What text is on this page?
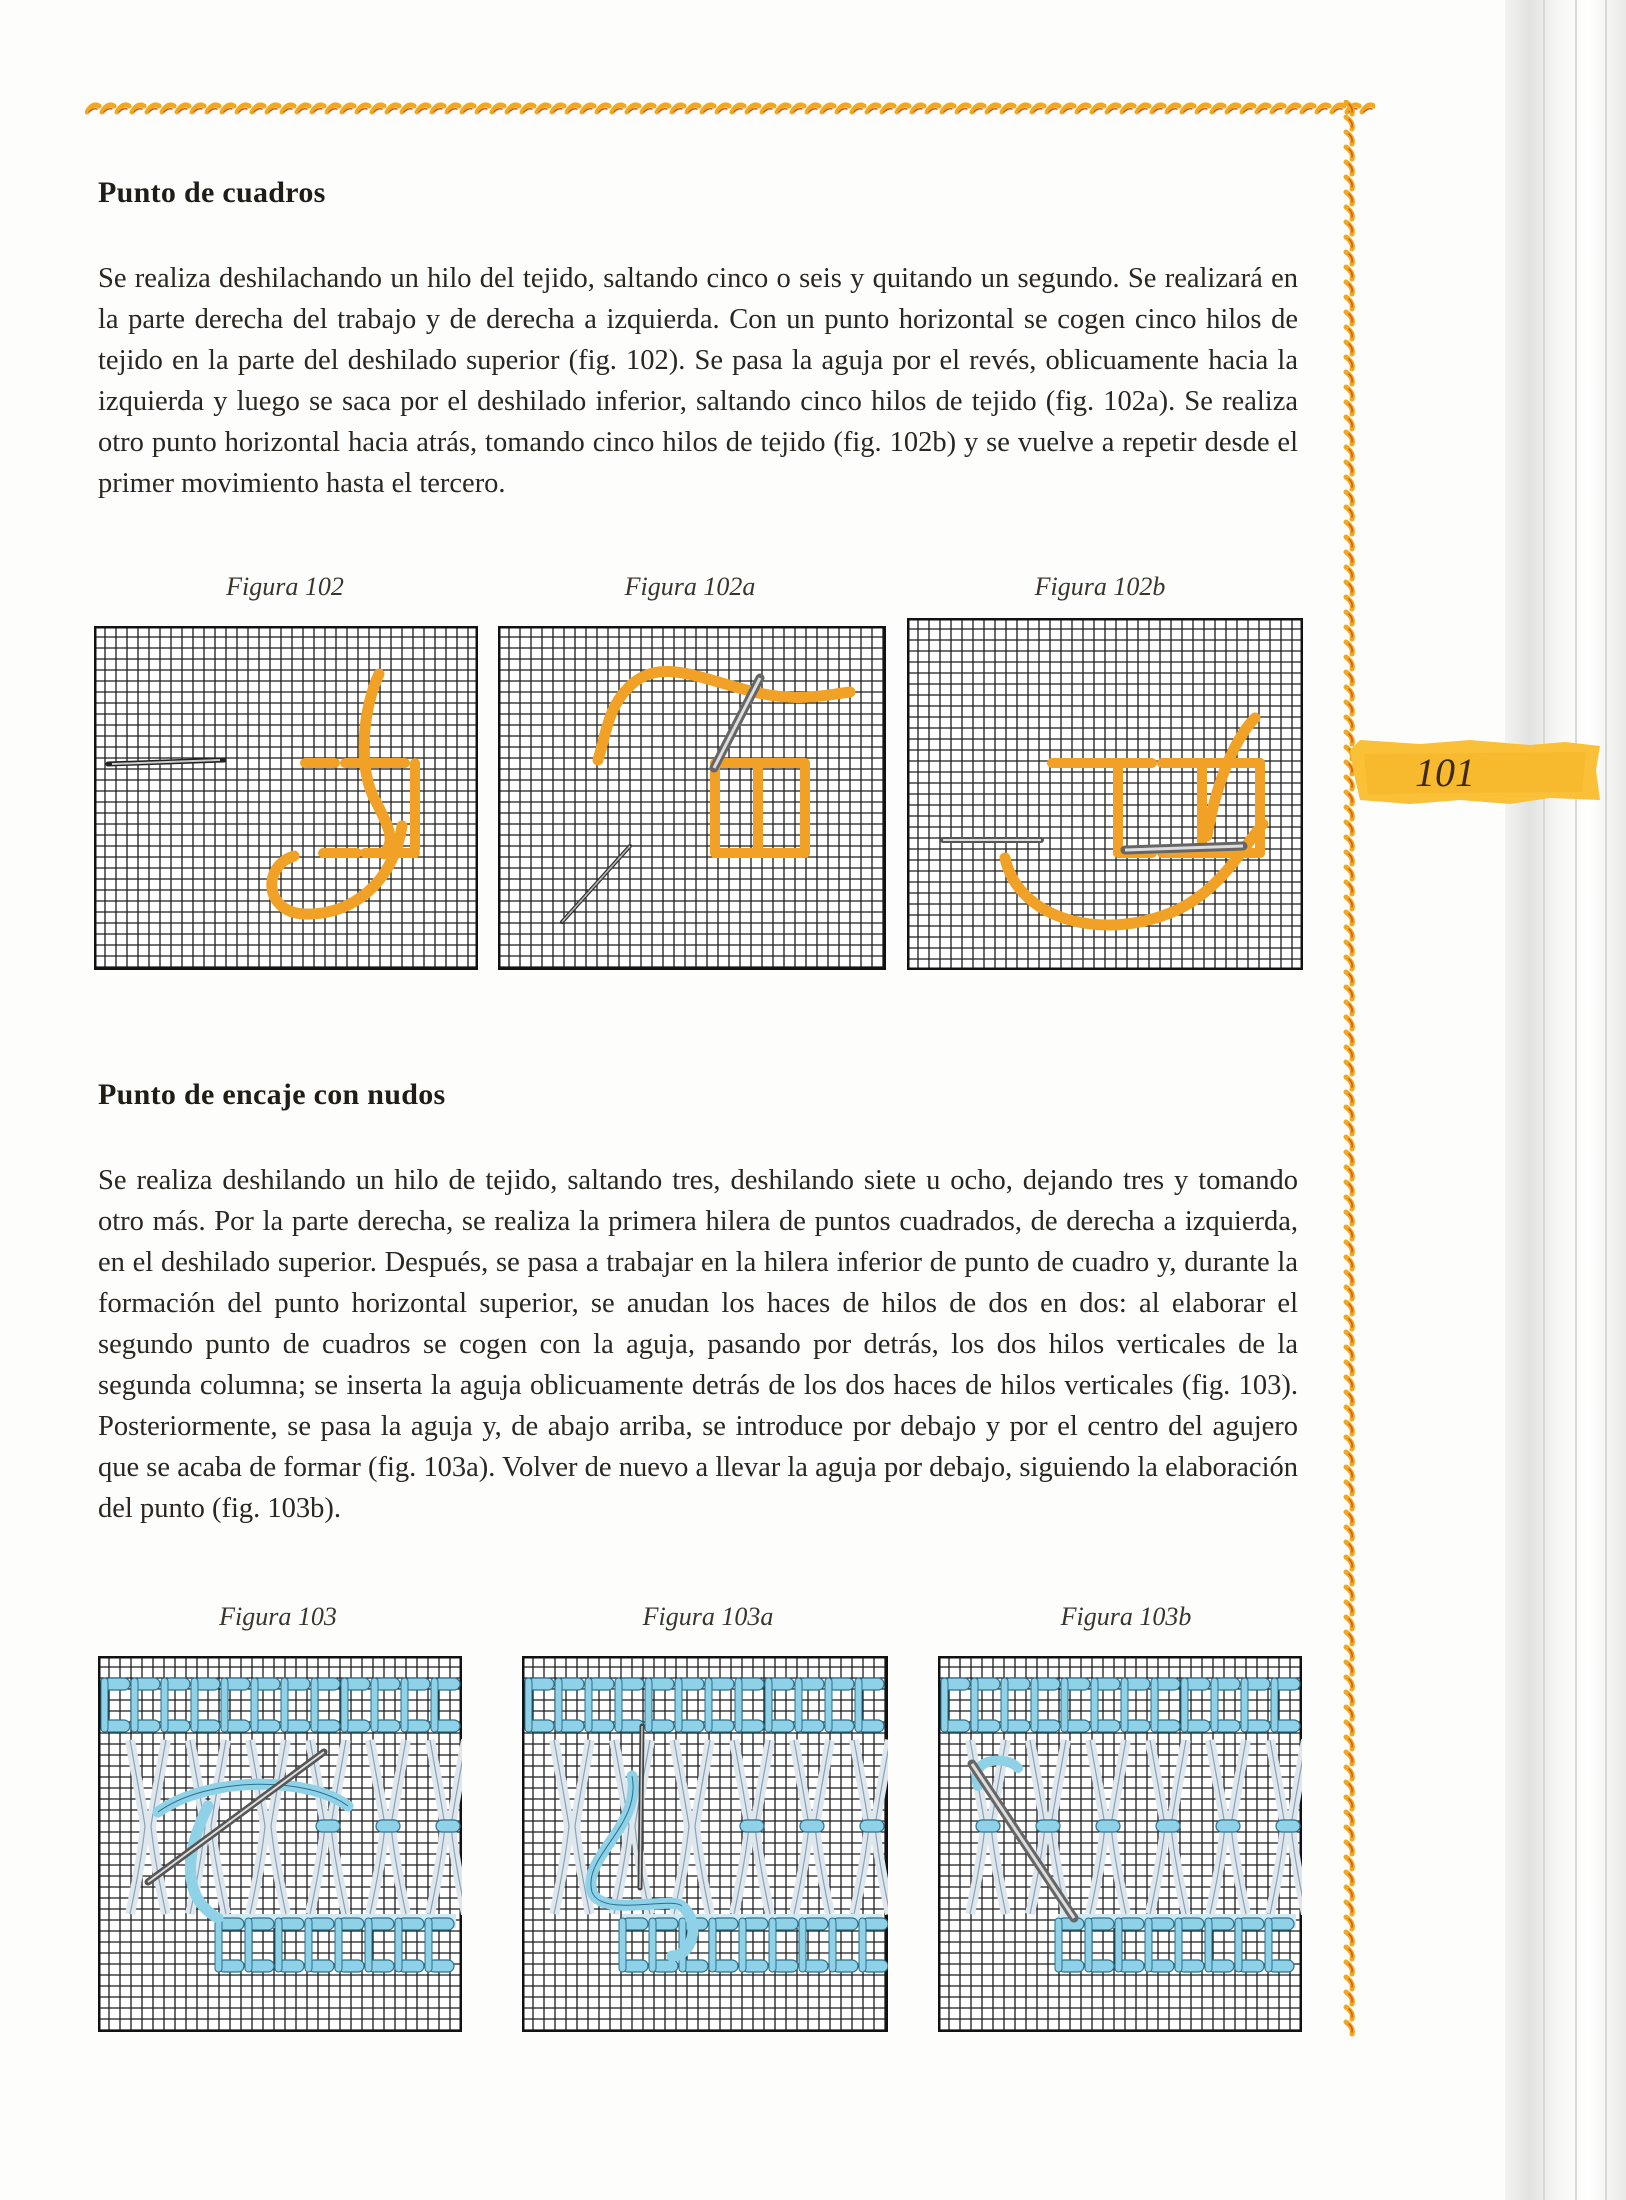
101
Punto de cuadros

Se realiza deshilachando un hilo del tejido, saltando cinco o seis y quitando un segundo. Se realizará en la parte derecha del trabajo y de derecha a izquierda. Con un punto horizontal se cogen cinco hilos de tejido en la parte del deshilado superior (fig. 102). Se pasa la aguja por el revés, oblicuamente hacia la izquierda y luego se saca por el deshilado inferior, saltando cinco hilos de tejido (fig. 102a). Se realiza otro punto horizontal hacia atrás, tomando cinco hilos de tejido (fig. 102b) y se vuelve a repetir desde el primer movimiento hasta el tercero.

Figura 102	Figura 102a	Figura 102b

Punto de encaje con nudos

Se realiza deshilando un hilo de tejido, saltando tres, deshilando siete u ocho, dejando tres y tomando otro más. Por la parte derecha, se realiza la primera hilera de puntos cuadrados, de derecha a izquierda, en el deshilado superior. Después, se pasa a trabajar en la hilera inferior de punto de cuadro y, durante la formación del punto horizontal superior, se anudan los haces de hilos de dos en dos: al elaborar el segundo punto de cuadros se cogen con la aguja, pasando por detrás, los dos hilos verticales de la segunda columna; se inserta la aguja oblicuamente detrás de los dos haces de hilos verticales (fig. 103). Posteriormente, se pasa la aguja y, de abajo arriba, se introduce por debajo y por el centro del agujero que se acaba de formar (fig. 103a). Volver de nuevo a llevar la aguja por debajo, siguiendo la elaboración del punto (fig. 103b).

Figura 103	Figura 103a	Figura 103b
